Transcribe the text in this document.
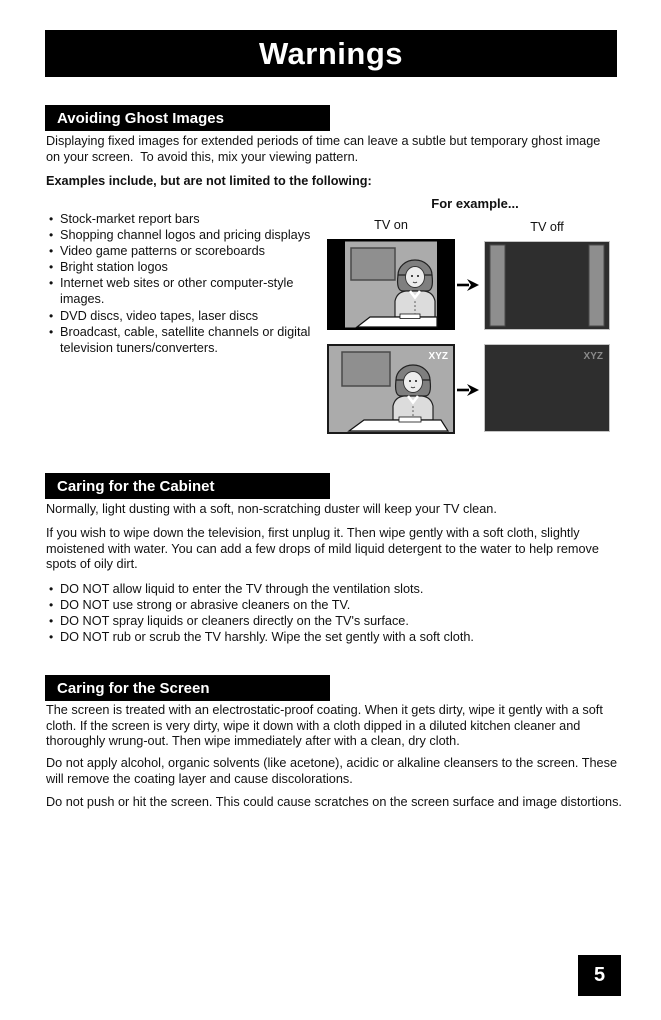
Warnings
Avoiding Ghost Images
Displaying fixed images for extended periods of time can leave a subtle but temporary ghost image on your screen.  To avoid this, mix your viewing pattern.
Examples include, but are not limited to the following:
For example...
TV on	TV off
• Stock-market report bars
• Shopping channel logos and pricing displays
• Video game patterns or scoreboards
• Bright station logos
• Internet web sites or other computer-style images.
• DVD discs, video tapes, laser discs
• Broadcast, cable, satellite channels or digital television tuners/converters.
XYZ	XYZ
Caring for the Cabinet
Normally, light dusting with a soft, non-scratching duster will keep your TV clean.
If you wish to wipe down the television, first unplug it. Then wipe gently with a soft cloth, slightly moistened with water. You can add a few drops of mild liquid detergent to the water to help remove spots of oily dirt.
• DO NOT allow liquid to enter the TV through the ventilation slots.
• DO NOT use strong or abrasive cleaners on the TV.
• DO NOT spray liquids or cleaners directly on the TV's surface.
• DO NOT rub or scrub the TV harshly. Wipe the set gently with a soft cloth.
Caring for the Screen
The screen is treated with an electrostatic-proof coating. When it gets dirty, wipe it gently with a soft cloth. If the screen is very dirty, wipe it down with a cloth dipped in a diluted kitchen cleaner and thoroughly wrung-out. Then wipe immediately after with a clean, dry cloth.
Do not apply alcohol, organic solvents (like acetone), acidic or alkaline cleansers to the screen. These will remove the coating layer and cause discolorations.
Do not push or hit the screen. This could cause scratches on the screen surface and image distortions.
5
